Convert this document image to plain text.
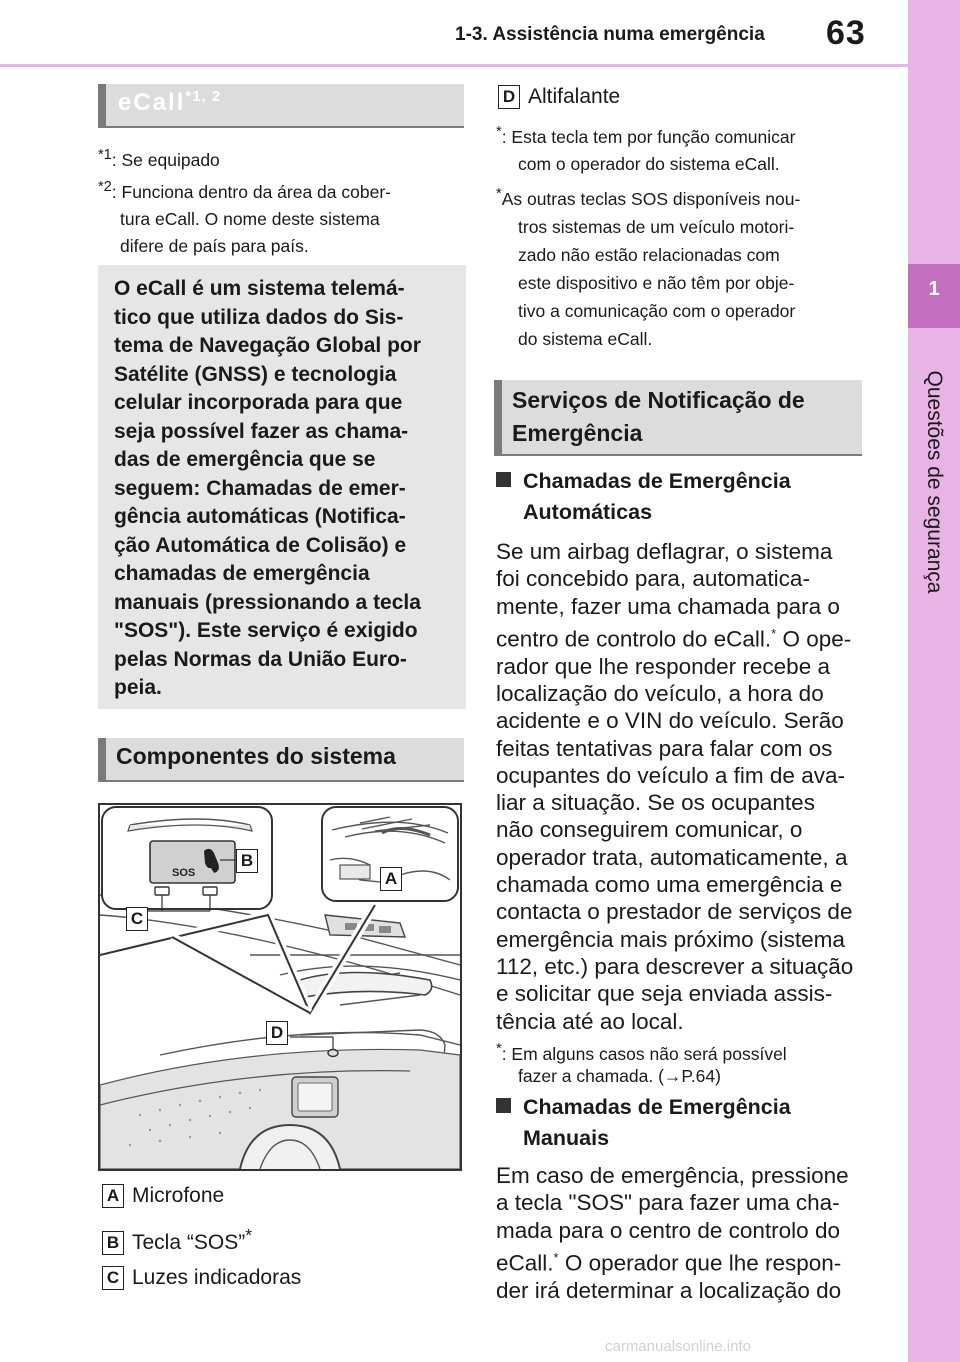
1-3. Assistência numa emergência 63
1
Questões de segurança
eCall$^{*1, 2}$
$^{*1}$: Se equipado
$^{*2}$: Funciona dentro da área da cober-
tura eCall. O nome deste sistema
difere de país para país.

O eCall é um sistema telemá-
tico que utiliza dados do Sis-
tema de Navegação Global por
Satélite (GNSS) e tecnologia
celular incorporada para que
seja possível fazer as chama-
das de emergência que se
seguem: Chamadas de emer-
gência automáticas (Notifica-
ção Automática de Colisão) e
chamadas de emergência
manuais (pressionando a tecla
"SOS"). Este serviço é exigido
pelas Normas da União Euro-
peia.

Componentes do sistema
SOS
B
A
C
D
A Microfone
B Tecla “SOS”*
C Luzes indicadoras
D Altifalante
*: Esta tecla tem por função comunicar
com o operador do sistema eCall.
*As outras teclas SOS disponíveis nou-
tros sistemas de um veículo motori-
zado não estão relacionadas com
este dispositivo e não têm por obje-
tivo a comunicação com o operador
do sistema eCall.
Serviços de Notificação de
Emergência
Chamadas de Emergência
Automáticas
Se um airbag deflagrar, o sistema
foi concebido para, automatica-
mente, fazer uma chamada para o
centro de controlo do eCall.* O ope-
rador que lhe responder recebe a
localização do veículo, a hora do
acidente e o VIN do veículo. Serão
feitas tentativas para falar com os
ocupantes do veículo a fim de ava-
liar a situação. Se os ocupantes
não conseguirem comunicar, o
operador trata, automaticamente, a
chamada como uma emergência e
contacta o prestador de serviços de
emergência mais próximo (sistema
112, etc.) para descrever a situação
e solicitar que seja enviada assis-
tência até ao local.
*: Em alguns casos não será possível
fazer a chamada. (→P.64)
Chamadas de Emergência
Manuais
Em caso de emergência, pressione
a tecla "SOS" para fazer uma cha-
mada para o centro de controlo do
eCall.* O operador que lhe respon-
der irá determinar a localização do
carmanualsonline.info
